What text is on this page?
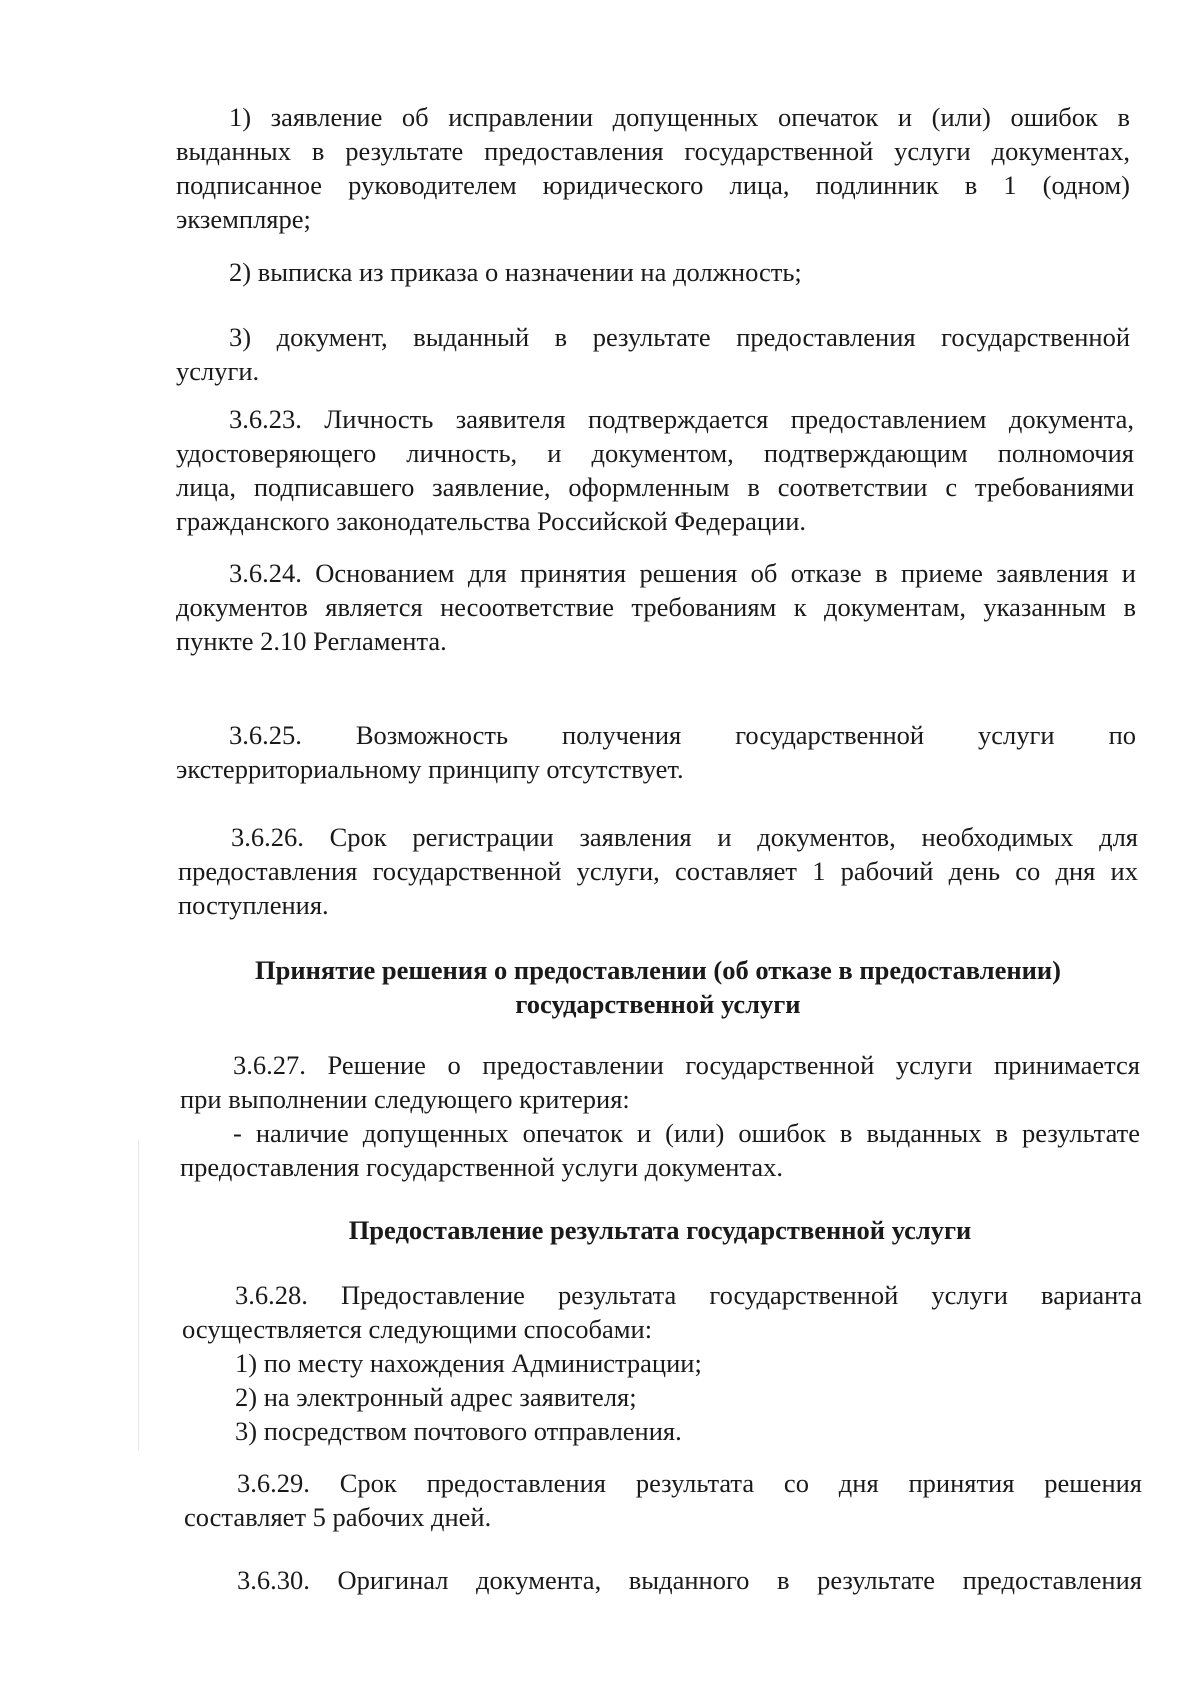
1) заявление об исправлении допущенных опечаток и (или) ошибок в
выданных в результате предоставления государственной услуги документах,
подписанное руководителем юридического лица, подлинник в 1 (одном)
экземпляре;
2) выписка из приказа о назначении на должность;
3) документ, выданный в результате предоставления государственной
услуги.
3.6.23. Личность заявителя подтверждается предоставлением документа,
удостоверяющего личность, и документом, подтверждающим полномочия
лица, подписавшего заявление, оформленным в соответствии с требованиями
гражданского законодательства Российской Федерации.
3.6.24. Основанием для принятия решения об отказе в приеме заявления и
документов является несоответствие требованиям к документам, указанным в
пункте 2.10 Регламента.
3.6.25. Возможность получения государственной услуги по
экстерриториальному принципу отсутствует.
3.6.26. Срок регистрации заявления и документов, необходимых для
предоставления государственной услуги, составляет 1 рабочий день со дня их
поступления.
Принятие решения о предоставлении (об отказе в предоставлении)
государственной услуги
3.6.27. Решение о предоставлении государственной услуги принимается
при выполнении следующего критерия:
- наличие допущенных опечаток и (или) ошибок в выданных в результате
предоставления государственной услуги документах.
Предоставление результата государственной услуги
3.6.28. Предоставление результата государственной услуги варианта
осуществляется следующими способами:
1) по месту нахождения Администрации;
2) на электронный адрес заявителя;
3) посредством почтового отправления.
3.6.29. Срок предоставления результата со дня принятия решения
составляет 5 рабочих дней.
3.6.30. Оригинал документа, выданного в результате предоставления
